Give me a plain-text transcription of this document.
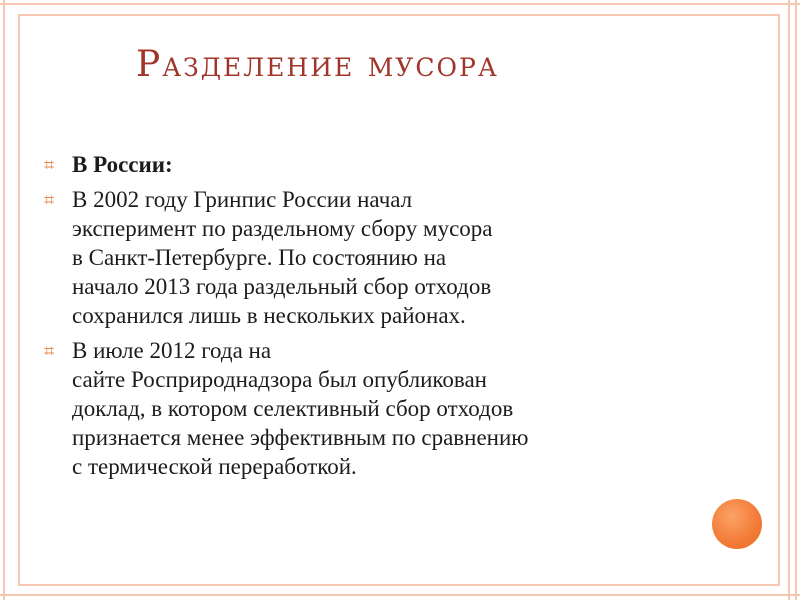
Разделение мусора
⌗ В России:
⌗ В 2002 году Гринпис России начал
эксперимент по раздельному сбору мусора
в Санкт-Петербурге. По состоянию на
начало 2013 года раздельный сбор отходов
сохранился лишь в нескольких районах.
⌗ В июле 2012 года на
сайте Росприроднадзора был опубликован
доклад, в котором селективный сбор отходов
признается менее эффективным по сравнению
с термической переработкой.
